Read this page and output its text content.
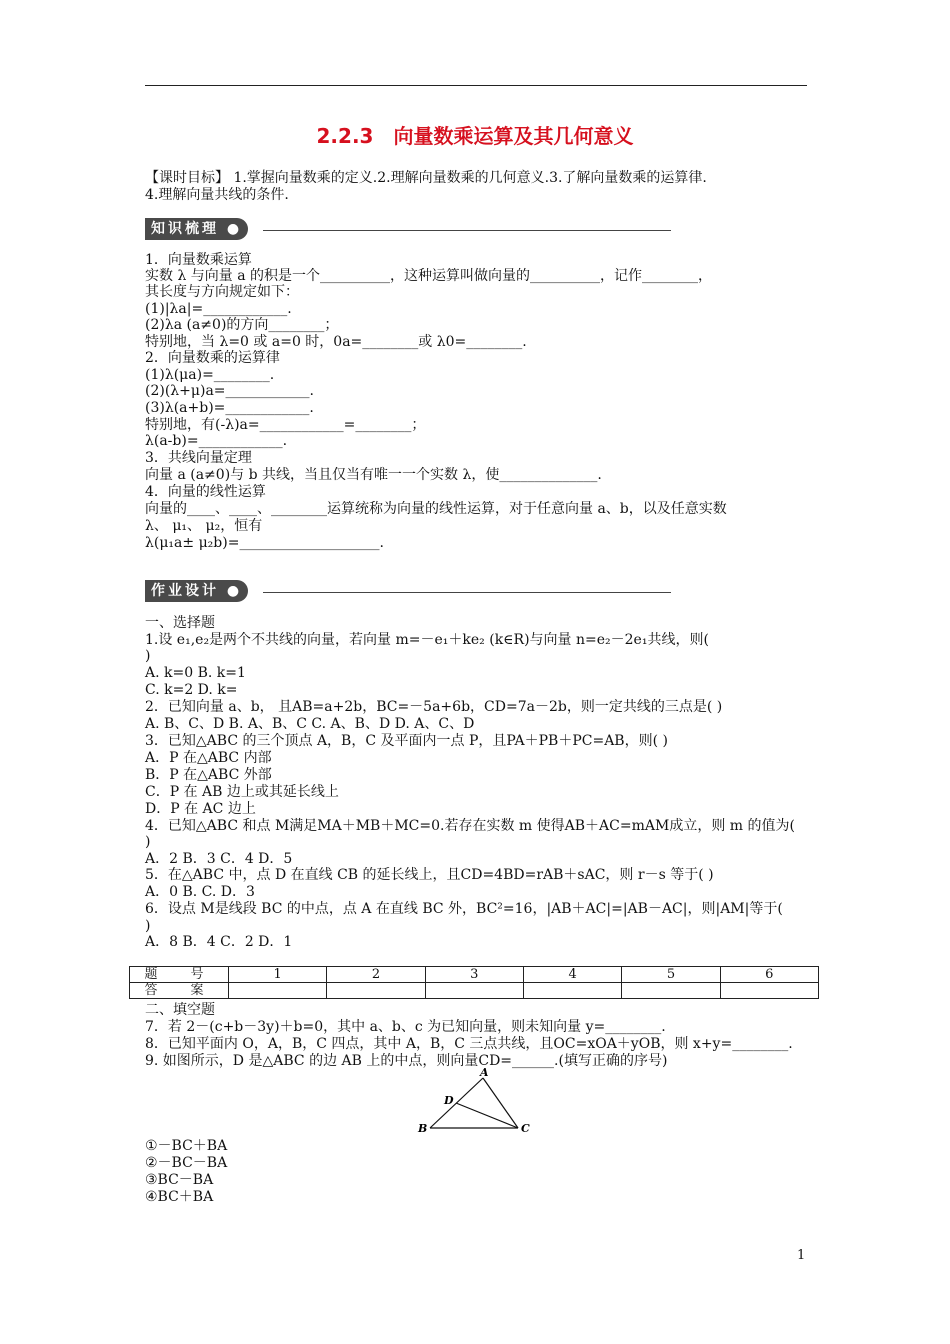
2.2.3　向量数乘运算及其几何意义
【课时目标】 1.掌握向量数乘的定义.2.理解向量数乘的几何意义.3.了解向量数乘的运算律.
4.理解向量共线的条件.
知识梳理 ●
1．向量数乘运算
实数 λ 与向量 a 的积是一个__________，这种运算叫做向量的__________，记作________，
其长度与方向规定如下：
(1)|λa|=____________.
(2)λa (a≠0)的方向________；
特别地，当 λ=0 或 a=0 时，0a=________或 λ0=________.
2．向量数乘的运算律
(1)λ(μa)=________.
(2)(λ+μ)a=____________.
(3)λ(a+b)=____________.
特别地，有(-λ)a=____________=________；
λ(a-b)=____________.
3．共线向量定理
向量 a (a≠0)与 b 共线，当且仅当有唯一一个实数 λ，使______________.
4．向量的线性运算
向量的____、____、________运算统称为向量的线性运算，对于任意向量 a、b，以及任意实数
λ、 μ₁、 μ₂，恒有
λ(μ₁a± μ₂b)=____________________.
作业设计 ●
一、选择题
1.设 e₁,e₂是两个不共线的向量，若向量 m=－e₁＋ke₂ (k∈R)与向量 n=e₂－2e₁共线，则(
)
A. k=0 B. k=1
C. k=2 D. k=
2．已知向量 a、b， 且AB=a+2b，BC=－5a+6b，CD=7a－2b，则一定共线的三点是( )
A. B、C、D B. A、B、C C. A、B、D D. A、C、D
3．已知△ABC 的三个顶点 A，B，C 及平面内一点 P，且PA＋PB＋PC=AB，则( )
A．P 在△ABC 内部
B．P 在△ABC 外部
C．P 在 AB 边上或其延长线上
D．P 在 AC 边上
4．已知△ABC 和点 M满足MA＋MB＋MC=0.若存在实数 m 使得AB＋AC=mAM成立，则 m 的值为(
)
A．2 B．3 C．4 D．5
5．在△ABC 中，点 D 在直线 CB 的延长线上，且CD=4BD=rAB＋sAC，则 r－s 等于( )
A．0 B. C. D．3
6．设点 M是线段 BC 的中点，点 A 在直线 BC 外，BC²=16，|AB＋AC|=|AB－AC|，则|AM|等于(
)
A．8 B．4 C．2 D．1
题　号	1	2	3	4	5	6
答　案						
二、填空题
7．若 2－(c+b－3y)＋b=0，其中 a、b、c 为已知向量，则未知向量 y=________.
8．已知平面内 O，A，B，C 四点，其中 A，B，C 三点共线，且OC=xOA＋yOB，则 x+y=________.
9. 如图所示，D 是△ABC 的边 AB 上的中点，则向量CD=______.(填写正确的序号)
A
B	C
D
①－BC＋BA
②－BC－BA
③BC－BA
④BC＋BA
1
